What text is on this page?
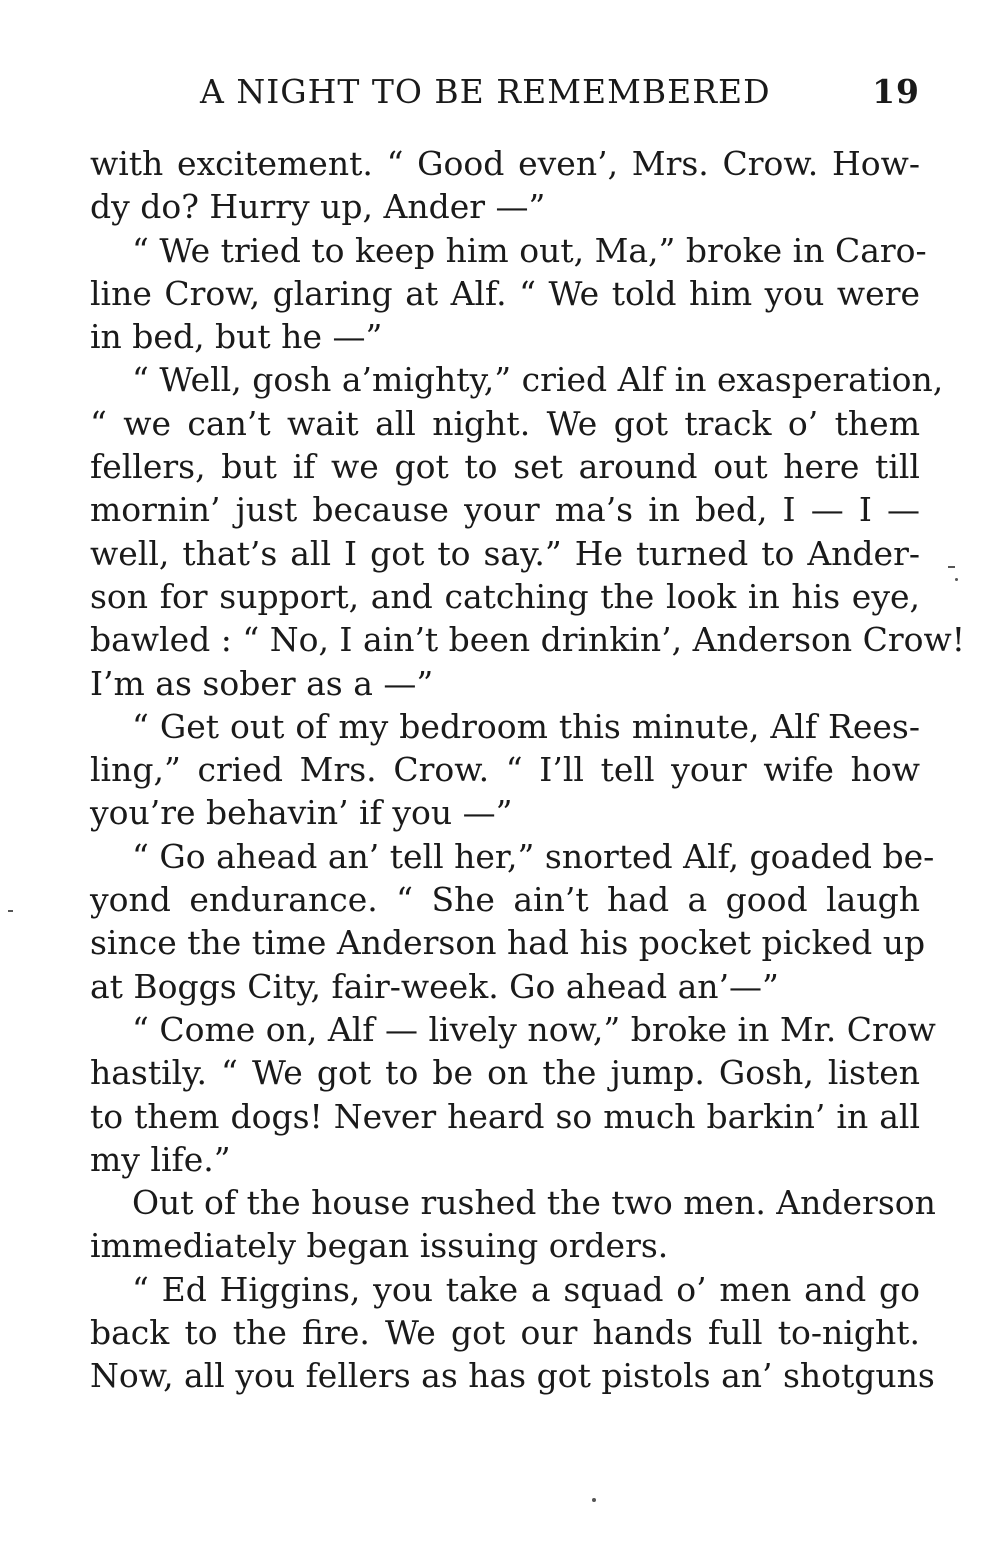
A NIGHT TO BE REMEMBERED	19
with excitement. “ Good even’, Mrs. Crow. How-
dy do? Hurry up, Ander —”
“ We tried to keep him out, Ma,” broke in Caro-
line Crow, glaring at Alf. “ We told him you were
in bed, but he —”
“ Well, gosh a’mighty,” cried Alf in exasperation,
“ we can’t wait all night. We got track o’ them
fellers, but if we got to set around out here till
mornin’ just because your ma’s in bed, I — I —
well, that’s all I got to say.” He turned to Ander-
son for support, and catching the look in his eye,
bawled : “ No, I ain’t been drinkin’, Anderson Crow!
I’m as sober as a —”
“ Get out of my bedroom this minute, Alf Rees-
ling,” cried Mrs. Crow. “ I’ll tell your wife how
you’re behavin’ if you —”
“ Go ahead an’ tell her,” snorted Alf, goaded be-
yond endurance. “ She ain’t had a good laugh
since the time Anderson had his pocket picked up
at Boggs City, fair-week. Go ahead an’—”
“ Come on, Alf — lively now,” broke in Mr. Crow
hastily. “ We got to be on the jump. Gosh, listen
to them dogs! Never heard so much barkin’ in all
my life.”
Out of the house rushed the two men. Anderson
immediately began issuing orders.
“ Ed Higgins, you take a squad o’ men and go
back to the fire. We got our hands full to-night.
Now, all you fellers as has got pistols an’ shotguns
